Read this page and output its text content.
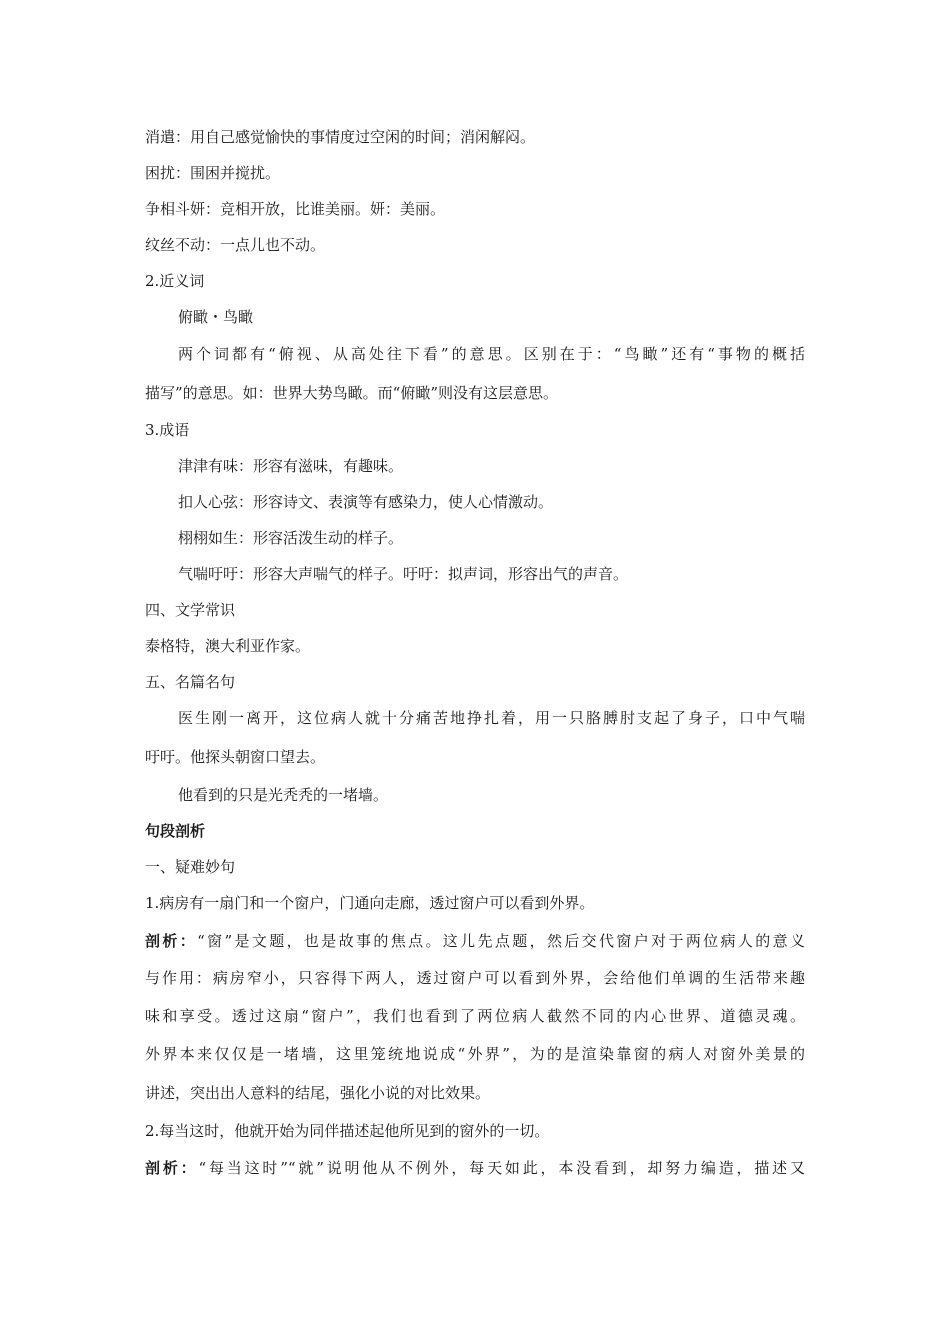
消遣：用自己感觉愉快的事情度过空闲的时间；消闲解闷。
困扰：围困并搅扰。
争相斗妍：竞相开放，比谁美丽。妍：美丽。
纹丝不动：一点儿也不动。
2.近义词
俯瞰・鸟瞰
两个词都有“俯视、从高处往下看”的意思。区别在于：“鸟瞰”还有“事物的概括
描写”的意思。如：世界大势鸟瞰。而“俯瞰”则没有这层意思。
3.成语
津津有味：形容有滋味，有趣味。
扣人心弦：形容诗文、表演等有感染力，使人心情激动。
栩栩如生：形容活泼生动的样子。
气喘吁吁：形容大声喘气的样子。吁吁：拟声词，形容出气的声音。
四、文学常识
泰格特，澳大利亚作家。
五、名篇名句
医生刚一离开，这位病人就十分痛苦地挣扎着，用一只胳膊肘支起了身子，口中气喘
吁吁。他探头朝窗口望去。
他看到的只是光秃秃的一堵墙。
句段剖析
一、疑难妙句
1.病房有一扇门和一个窗户，门通向走廊，透过窗户可以看到外界。
剖析：“窗”是文题，也是故事的焦点。这儿先点题，然后交代窗户对于两位病人的意义
与作用：病房窄小，只容得下两人，透过窗户可以看到外界，会给他们单调的生活带来趣
味和享受。透过这扇“窗户”，我们也看到了两位病人截然不同的内心世界、道德灵魂。
外界本来仅仅是一堵墙，这里笼统地说成“外界”，为的是渲染靠窗的病人对窗外美景的
讲述，突出出人意料的结尾，强化小说的对比效果。
2.每当这时，他就开始为同伴描述起他所见到的窗外的一切。
剖析：“每当这时”“就”说明他从不例外，每天如此，本没看到，却努力编造，描述又
